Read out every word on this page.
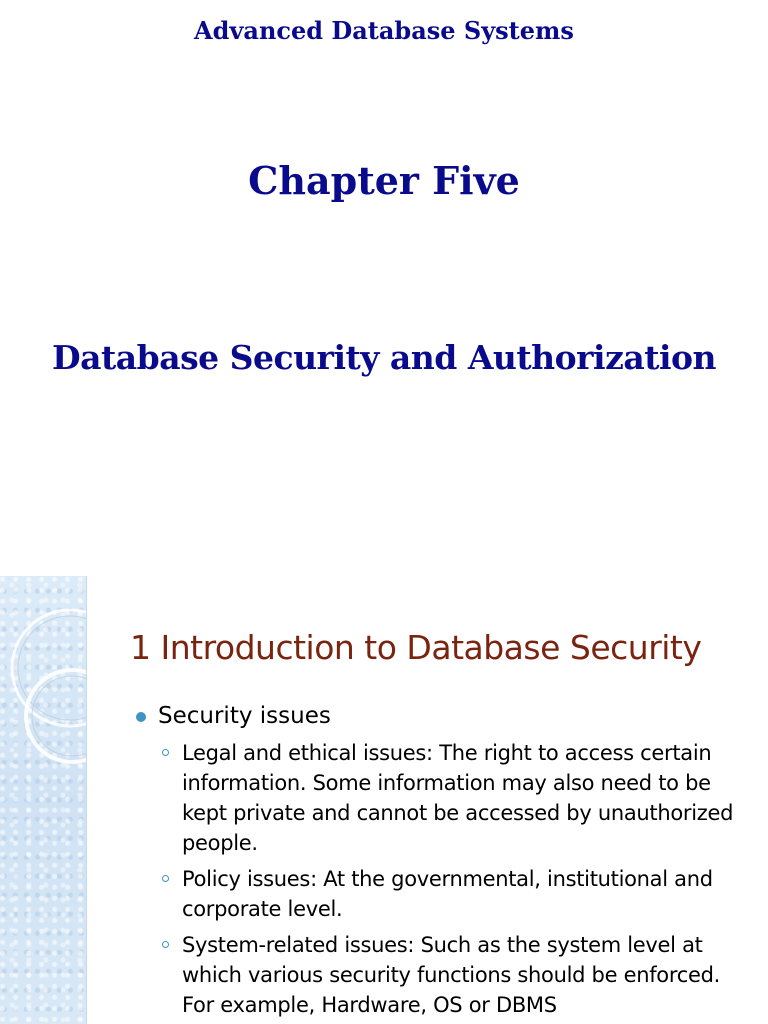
Advanced Database Systems
Chapter Five
Database Security and Authorization
1 Introduction to Database Security
Security issues
Legal and ethical issues: The right to access certain information. Some information may also need to be kept private and cannot be accessed by unauthorized people.
Policy issues: At the governmental, institutional and corporate level.
System-related issues: Such as the system level at which various security functions should be enforced. For example, Hardware, OS or DBMS
